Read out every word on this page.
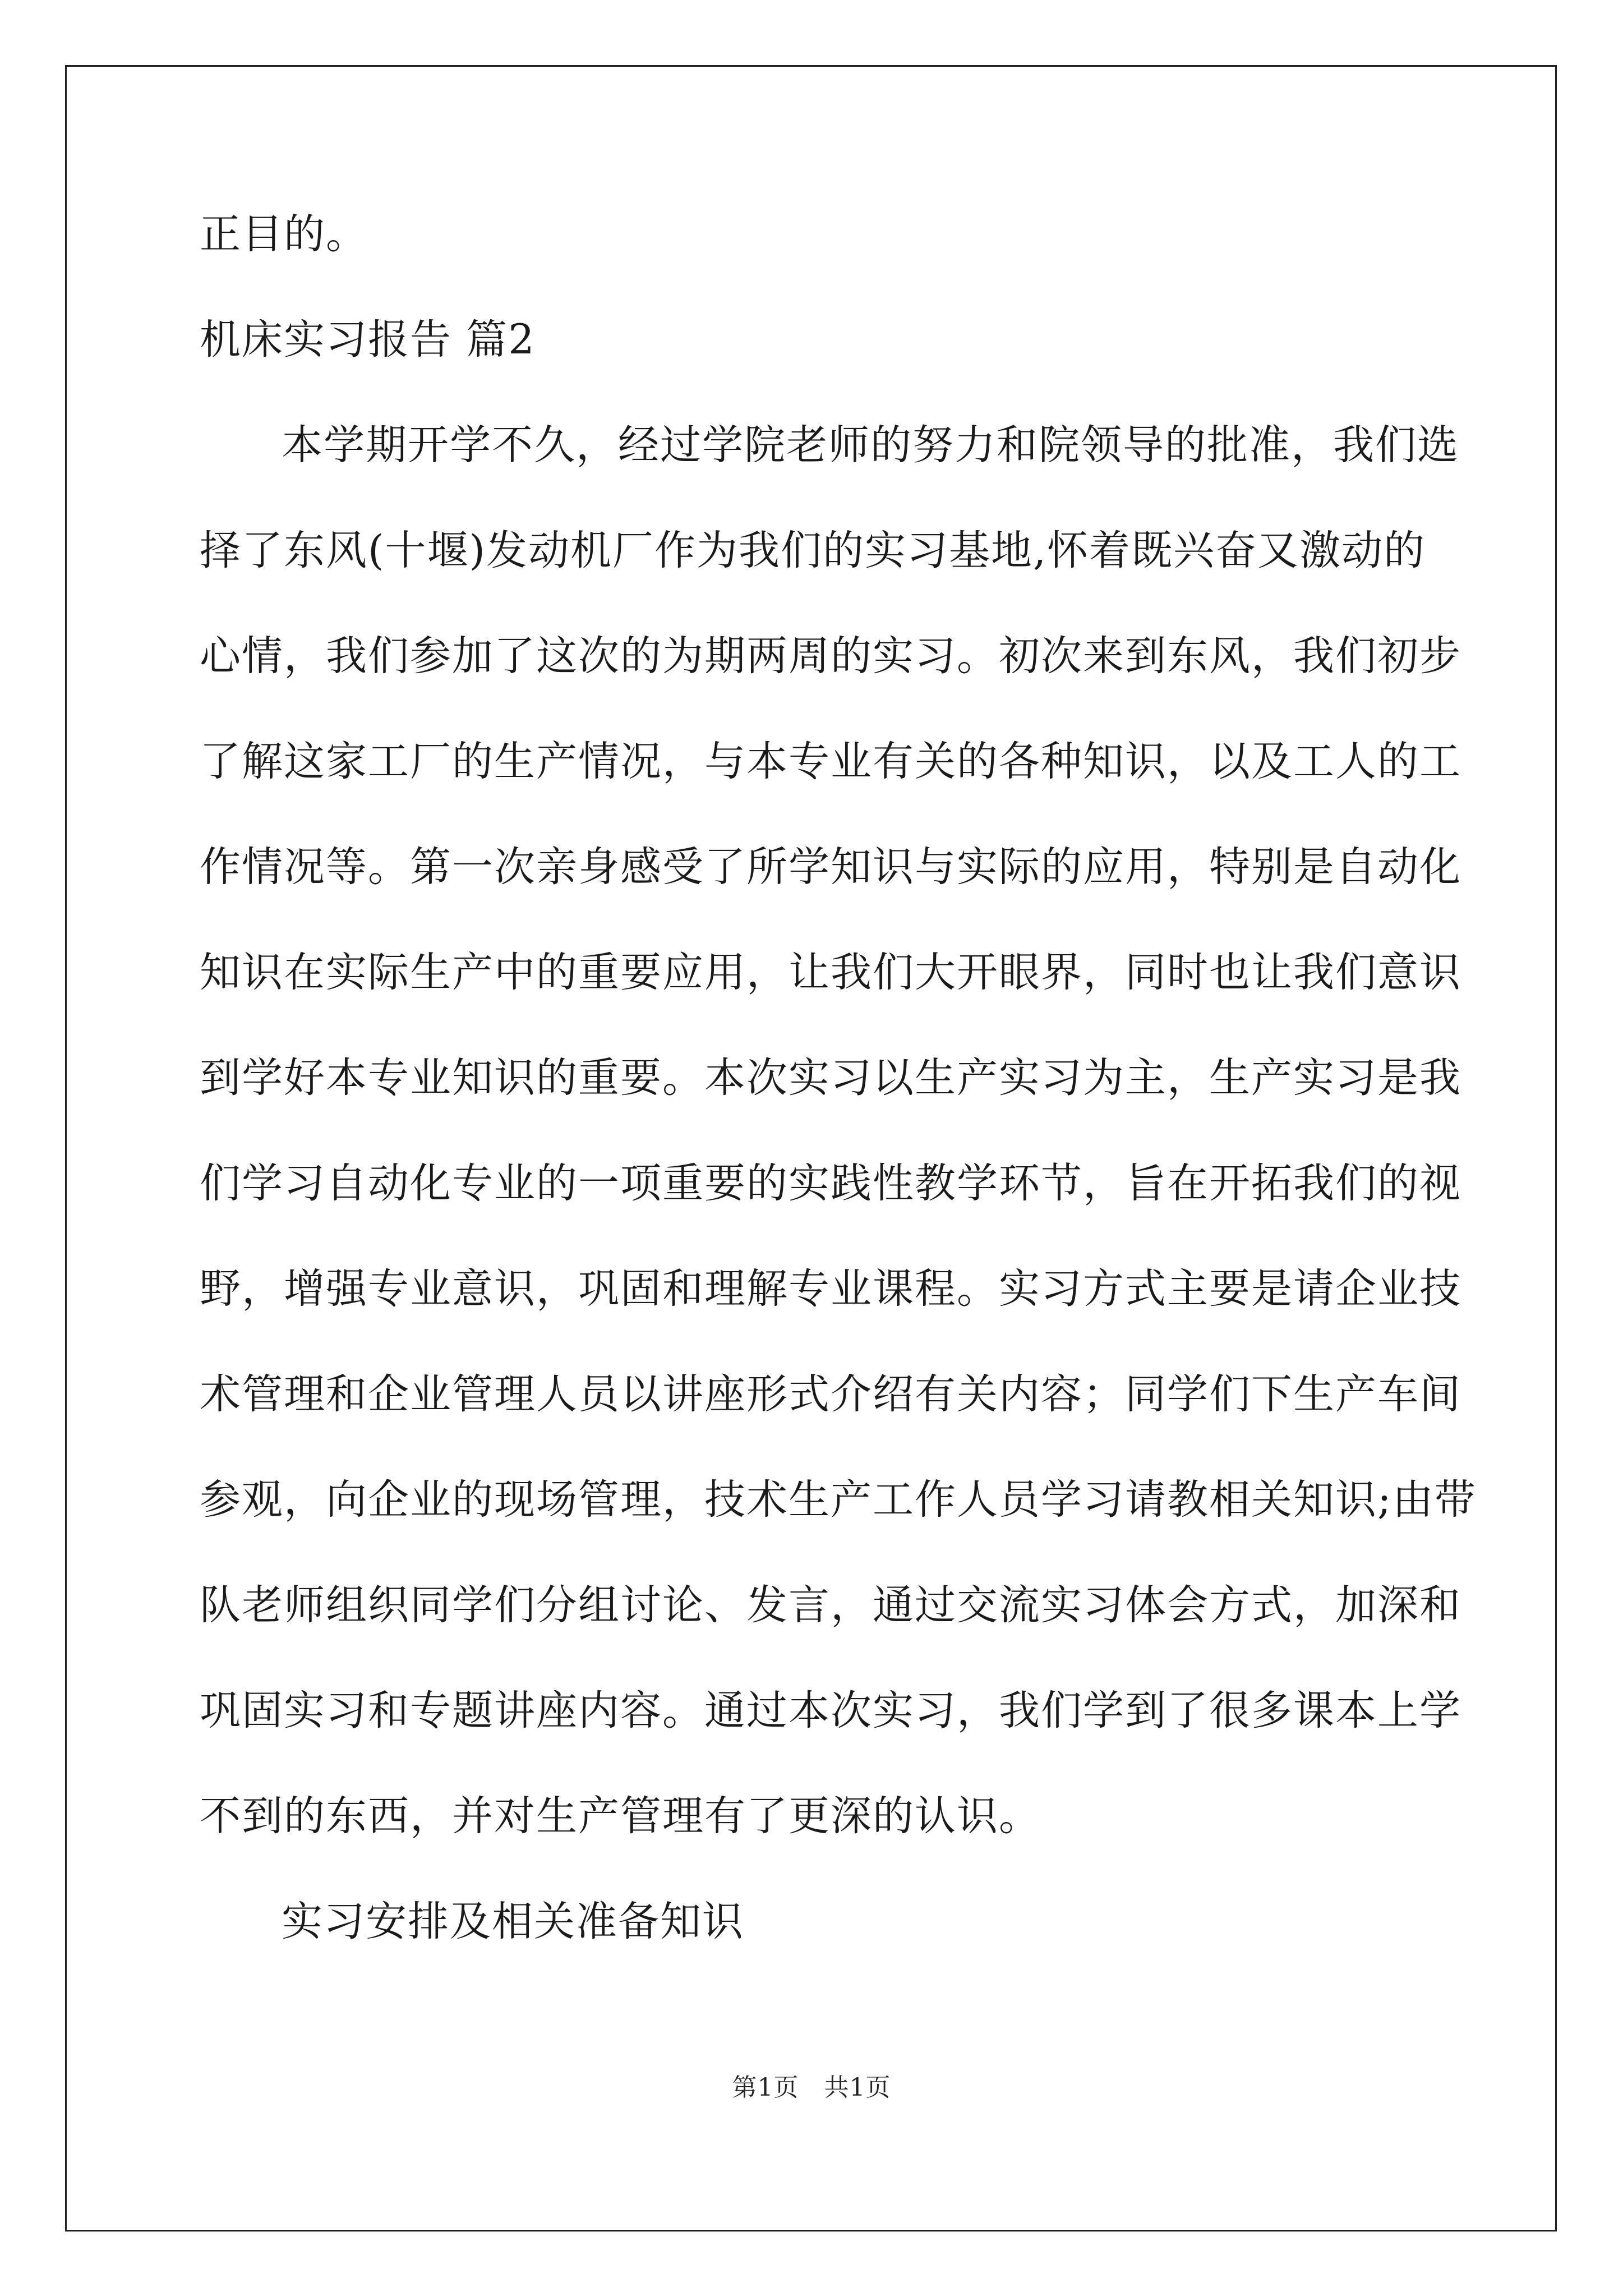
正目的。
机床实习报告 篇2
本学期开学不久，经过学院老师的努力和院领导的批准，我们选
择了东风(十堰)发动机厂作为我们的实习基地,怀着既兴奋又激动的
心情，我们参加了这次的为期两周的实习。初次来到东风，我们初步
了解这家工厂的生产情况，与本专业有关的各种知识，以及工人的工
作情况等。第一次亲身感受了所学知识与实际的应用，特别是自动化
知识在实际生产中的重要应用，让我们大开眼界，同时也让我们意识
到学好本专业知识的重要。本次实习以生产实习为主，生产实习是我
们学习自动化专业的一项重要的实践性教学环节，旨在开拓我们的视
野，增强专业意识，巩固和理解专业课程。实习方式主要是请企业技
术管理和企业管理人员以讲座形式介绍有关内容；同学们下生产车间
参观，向企业的现场管理，技术生产工作人员学习请教相关知识;由带
队老师组织同学们分组讨论、发言，通过交流实习体会方式，加深和
巩固实习和专题讲座内容。通过本次实习，我们学到了很多课本上学
不到的东西，并对生产管理有了更深的认识。
实习安排及相关准备知识
第1页　共1页
